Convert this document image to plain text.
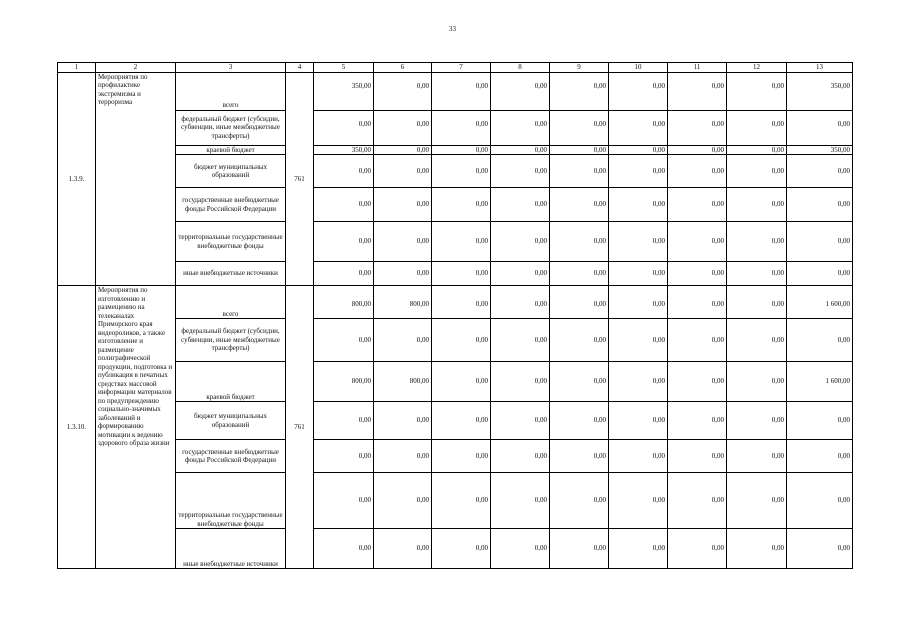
33
1	2	3	4	5	6	7	8	9	10	11	12	13
1.3.9.	Мероприятия по профилактике экстремизма и терроризма	всего	761	350,00	0,00	0,00	0,00	0,00	0,00	0,00	0,00	350,00
		федеральный бюджет (субсидии, субвенции, иные межбюджетные трансферты)		0,00	0,00	0,00	0,00	0,00	0,00	0,00	0,00	0,00
		краевой бюджет		350,00	0,00	0,00	0,00	0,00	0,00	0,00	0,00	350,00
		бюджет муниципальных образований		0,00	0,00	0,00	0,00	0,00	0,00	0,00	0,00	0,00
		государственные внебюджетные фонды Российской Федерации		0,00	0,00	0,00	0,00	0,00	0,00	0,00	0,00	0,00
		территориальные государственные внебюджетные фонды		0,00	0,00	0,00	0,00	0,00	0,00	0,00	0,00	0,00
		иные внебюджетные источники		0,00	0,00	0,00	0,00	0,00	0,00	0,00	0,00	0,00
1.3.10.	Мероприятия по изготовлению и размещению на телеканалах Приморского края видеороликов, а также изготовление и размещение полиграфической продукции, подготовка и публикация в печатных средствах массовой информации материалов по предупреждению социально-значимых заболеваний и формированию мотивации к ведению здорового образа жизни	всего	761	800,00	800,00	0,00	0,00	0,00	0,00	0,00	0,00	1 600,00
		федеральный бюджет (субсидии, субвенции, иные межбюджетные трансферты)		0,00	0,00	0,00	0,00	0,00	0,00	0,00	0,00	0,00
		краевой бюджет		800,00	800,00	0,00	0,00	0,00	0,00	0,00	0,00	1 600,00
		бюджет муниципальных образований		0,00	0,00	0,00	0,00	0,00	0,00	0,00	0,00	0,00
		государственные внебюджетные фонды Российской Федерации		0,00	0,00	0,00	0,00	0,00	0,00	0,00	0,00	0,00
		территориальные государственные внебюджетные фонды		0,00	0,00	0,00	0,00	0,00	0,00	0,00	0,00	0,00
		иные внебюджетные источники		0,00	0,00	0,00	0,00	0,00	0,00	0,00	0,00	0,00
